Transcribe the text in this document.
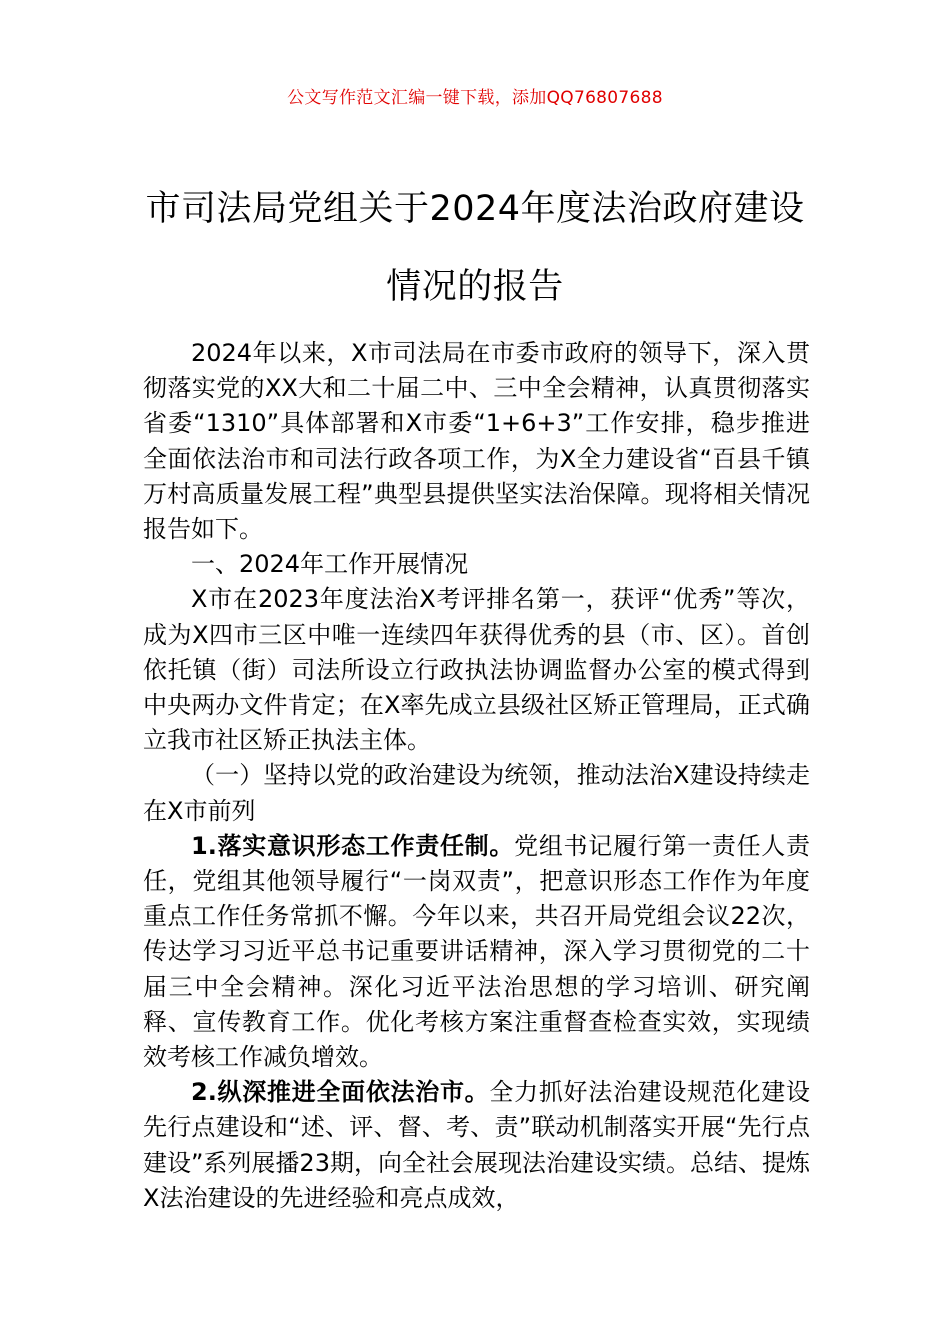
公文写作范文汇编一键下载，添加QQ76807688
市司法局党组关于2024年度法治政府建设
情况的报告

2024年以来，X市司法局在市委市政府的领导下，深入贯彻落实党的XX大和二十届二中、三中全会精神，认真贯彻落实省委“1310”具体部署和X市委“1+6+3”工作安排，稳步推进全面依法治市和司法行政各项工作，为X全力建设省“百县千镇万村高质量发展工程”典型县提供坚实法治保障。现将相关情况报告如下。

一、2024年工作开展情况

X市在2023年度法治X考评排名第一，获评“优秀”等次，成为X四市三区中唯一连续四年获得优秀的县（市、区）。首创依托镇（街）司法所设立行政执法协调监督办公室的模式得到中央两办文件肯定；在X率先成立县级社区矫正管理局，正式确立我市社区矫正执法主体。

（一）坚持以党的政治建设为统领，推动法治X建设持续走在X市前列

1.落实意识形态工作责任制。党组书记履行第一责任人责任，党组其他领导履行“一岗双责”，把意识形态工作作为年度重点工作任务常抓不懈。今年以来，共召开局党组会议22次，传达学习习近平总书记重要讲话精神，深入学习贯彻党的二十届三中全会精神。深化习近平法治思想的学习培训、研究阐释、宣传教育工作。优化考核方案注重督查检查实效，实现绩效考核工作减负增效。

2.纵深推进全面依法治市。全力抓好法治建设规范化建设先行点建设和“述、评、督、考、责”联动机制落实开展“先行点建设”系列展播23期，向全社会展现法治建设实绩。总结、提炼X法治建设的先进经验和亮点成效，
